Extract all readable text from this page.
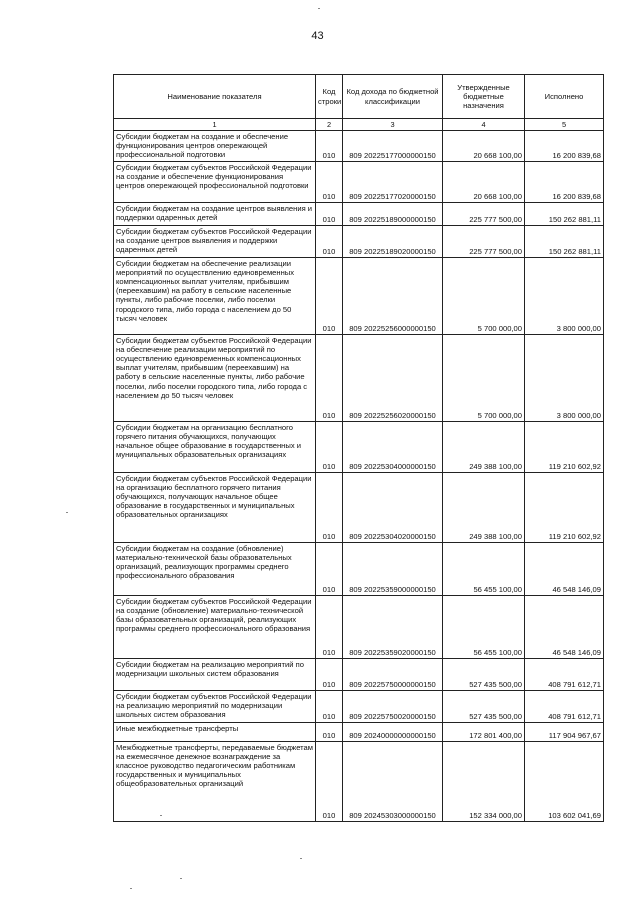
43
Наименование показателя	Код строки	Код дохода по бюджетной классификации	Утвержденные бюджетные назначения	Исполнено
1	2	3	4	5
Субсидии бюджетам на создание и обеспечение функционирования центров опережающей профессиональной подготовки	010	809 20225177000000150	20 668 100,00	16 200 839,68
Субсидии бюджетам субъектов Российской Федерации на создание и обеспечение функционирования центров опережающей профессиональной подготовки	010	809 20225177020000150	20 668 100,00	16 200 839,68
Субсидии бюджетам на создание центров выявления и поддержки одаренных детей	010	809 20225189000000150	225 777 500,00	150 262 881,11
Субсидии бюджетам субъектов Российской Федерации на создание центров выявления и поддержки одаренных детей	010	809 20225189020000150	225 777 500,00	150 262 881,11
Субсидии бюджетам на обеспечение реализации мероприятий по осуществлению единовременных компенсационных выплат учителям, прибывшим (переехавшим) на работу в сельские населенные пункты, либо рабочие поселки, либо поселки городского типа, либо города с населением до 50 тысяч человек	010	809 20225256000000150	5 700 000,00	3 800 000,00
Субсидии бюджетам субъектов Российской Федерации на обеспечение реализации мероприятий по осуществлению единовременных компенсационных выплат учителям, прибывшим (переехавшим) на работу в сельские населенные пункты, либо рабочие поселки, либо поселки городского типа, либо города с населением до 50 тысяч человек	010	809 20225256020000150	5 700 000,00	3 800 000,00
Субсидии бюджетам на организацию бесплатного горячего питания обучающихся, получающих начальное общее образование в государственных и муниципальных образовательных организациях	010	809 20225304000000150	249 388 100,00	119 210 602,92
Субсидии бюджетам субъектов Российской Федерации на организацию бесплатного горячего питания обучающихся, получающих начальное общее образование в государственных и муниципальных образовательных организациях	010	809 20225304020000150	249 388 100,00	119 210 602,92
Субсидии бюджетам на создание (обновление) материально-технической базы образовательных организаций, реализующих программы среднего профессионального образования	010	809 20225359000000150	56 455 100,00	46 548 146,09
Субсидии бюджетам субъектов Российской Федерации на создание (обновление) материально-технической базы образовательных организаций, реализующих программы среднего профессионального образования	010	809 20225359020000150	56 455 100,00	46 548 146,09
Субсидии бюджетам на реализацию мероприятий по модернизации школьных систем образования	010	809 20225750000000150	527 435 500,00	408 791 612,71
Субсидии бюджетам субъектов Российской Федерации на реализацию мероприятий по модернизации школьных систем образования	010	809 20225750020000150	527 435 500,00	408 791 612,71
Иные межбюджетные трансферты	010	809 20240000000000150	172 801 400,00	117 904 967,67
Межбюджетные трансферты, передаваемые бюджетам на ежемесячное денежное вознаграждение за классное руководство педагогическим работникам государственных и муниципальных общеобразовательных организаций	010	809 20245303000000150	152 334 000,00	103 602 041,69
